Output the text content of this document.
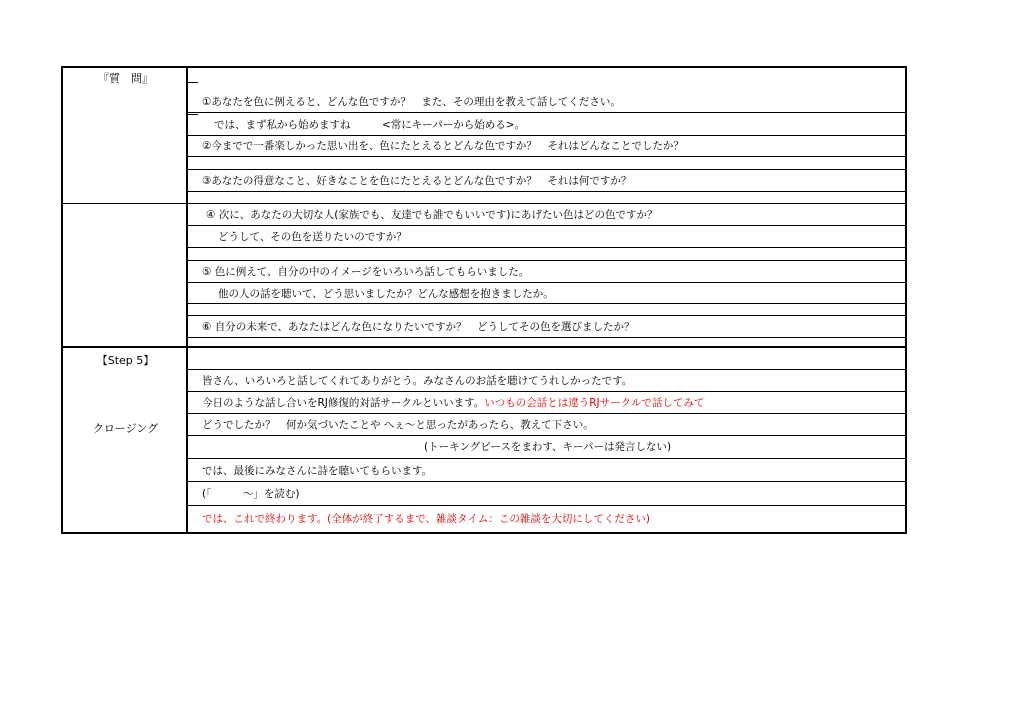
『質　問』
①あなたを色に例えると、どんな色ですか？　また、その理由を教えて話してください。
では、まず私から始めますね　　　<常にキーパーから始める>。
②今までで一番楽しかった思い出を、色にたとえるとどんな色ですか？　それはどんなことでしたか？
③あなたの得意なこと、好きなことを色にたとえるとどんな色ですか？　それは何ですか？
④ 次に、あなたの大切な人(家族でも、友達でも誰でもいいです)にあげたい色はどの色ですか？
どうして、その色を送りたいのですか？
⑤ 色に例えて、自分の中のイメージをいろいろ話してもらいました。
他の人の話を聴いて、どう思いましたか？どんな感想を抱きましたか。
⑥ 自分の未来で、あなたはどんな色になりたいですか？　どうしてその色を選びましたか？
【Step 5】
クロージング
皆さん、いろいろと話してくれてありがとう。みなさんのお話を聴けてうれしかったです。
今日のような話し合いをRJ修復的対話サークルといいます。いつもの会話とは違うRJサークルで話してみて
どうでしたか？　何か気づいたことや へぇ～と思ったがあったら、教えて下さい。
(トーキングピースをまわす、キーパーは発言しない)
では、最後にみなさんに詩を聴いてもらいます。
(「　　　～」を読む)
では、これで終わります。(全体が終了するまで、雑談タイム：この雑談を大切にしてください)
